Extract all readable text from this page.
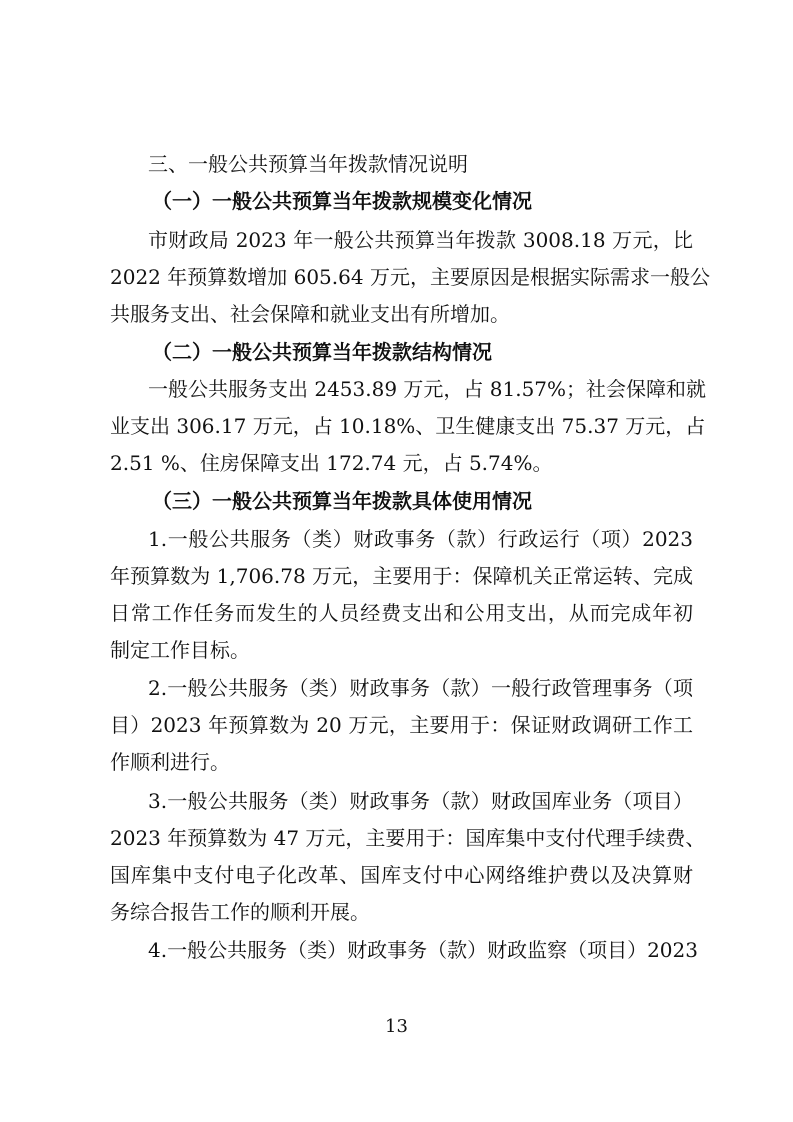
三、一般公共预算当年拨款情况说明
（一）一般公共预算当年拨款规模变化情况
市财政局 2023 年一般公共预算当年拨款 3008.18 万元，比
2022 年预算数增加 605.64 万元，主要原因是根据实际需求一般公
共服务支出、社会保障和就业支出有所增加。
（二）一般公共预算当年拨款结构情况
一般公共服务支出 2453.89 万元，占 81.57%；社会保障和就
业支出 306.17 万元，占 10.18%、卫生健康支出 75.37 万元，占
2.51 %、住房保障支出 172.74 元，占 5.74%。
（三）一般公共预算当年拨款具体使用情况
1.一般公共服务（类）财政事务（款）行政运行（项）2023
年预算数为 1,706.78 万元，主要用于：保障机关正常运转、完成
日常工作任务而发生的人员经费支出和公用支出，从而完成年初
制定工作目标。
2.一般公共服务（类）财政事务（款）一般行政管理事务（项
目）2023 年预算数为 20 万元，主要用于：保证财政调研工作工
作顺利进行。
3.一般公共服务（类）财政事务（款）财政国库业务（项目）
2023 年预算数为 47 万元，主要用于：国库集中支付代理手续费、
国库集中支付电子化改革、国库支付中心网络维护费以及决算财
务综合报告工作的顺利开展。
4.一般公共服务（类）财政事务（款）财政监察（项目）2023
13
